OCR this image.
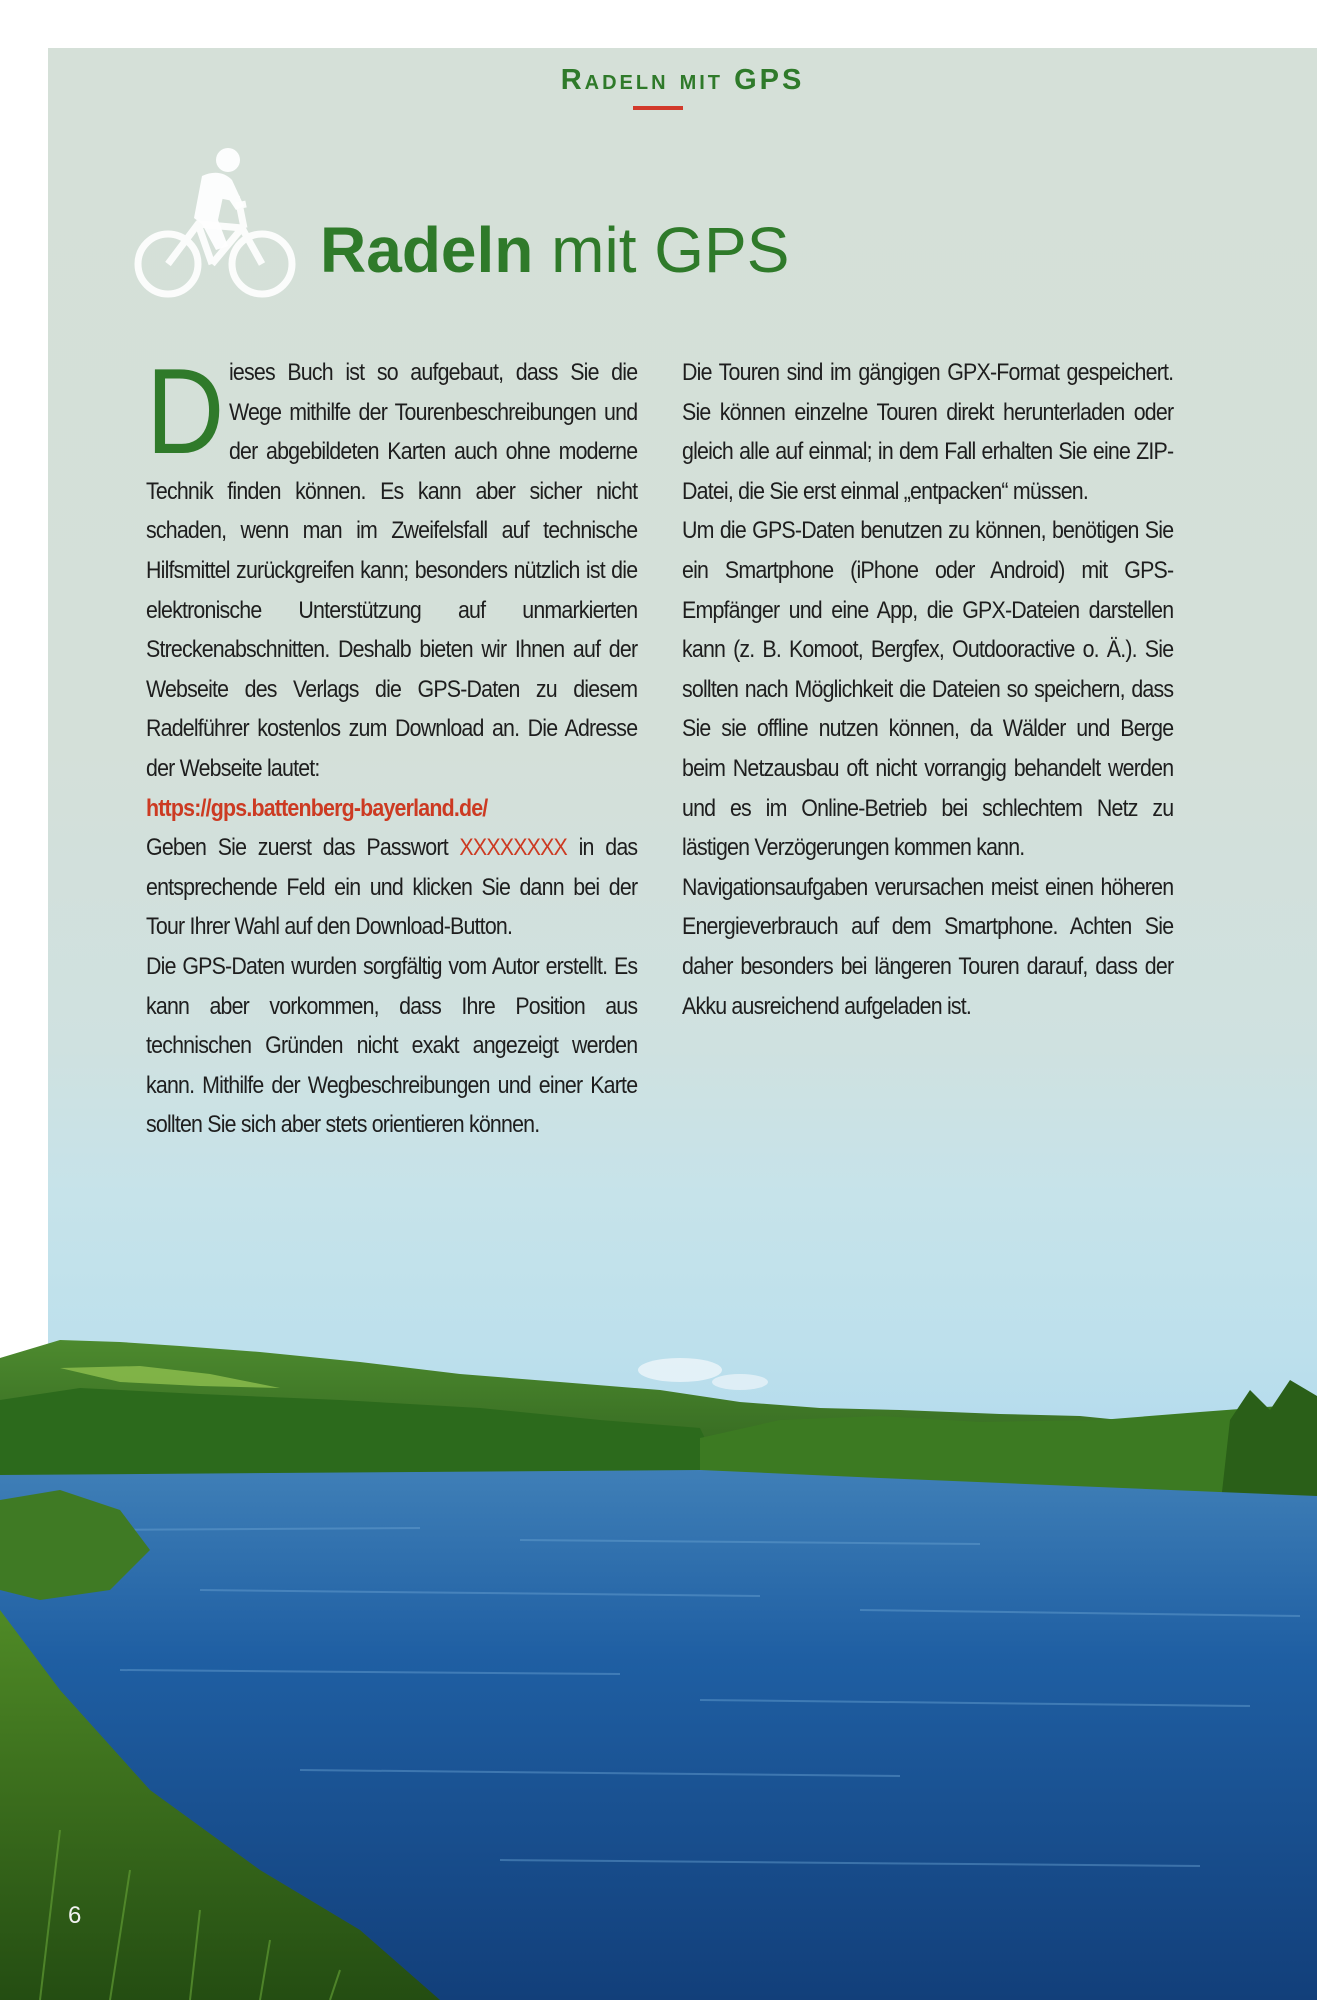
Radeln mit GPS
Radeln mit GPS

Dieses Buch ist so aufgebaut, dass Sie die Wege mithilfe der Tourenbeschreibungen und der abgebildeten Karten auch ohne moderne Technik finden können. Es kann aber sicher nicht schaden, wenn man im Zweifelsfall auf technische Hilfsmittel zurückgreifen kann; besonders nützlich ist die elektronische Unterstützung auf unmarkierten Streckenabschnitten. Deshalb bieten wir Ihnen auf der Webseite des Verlags die GPS-Daten zu diesem Radelführer kostenlos zum Download an. Die Adresse der Webseite lautet:
https://gps.battenberg-bayerland.de/

Geben Sie zuerst das Passwort XXXXXXXX in das entsprechende Feld ein und klicken Sie dann bei der Tour Ihrer Wahl auf den Download-Button.

Die GPS-Daten wurden sorgfältig vom Autor erstellt. Es kann aber vorkommen, dass Ihre Position aus technischen Gründen nicht exakt angezeigt werden kann. Mithilfe der Wegbeschreibungen und einer Karte sollten Sie sich aber stets orientieren können.

Die Touren sind im gängigen GPX-Format gespeichert. Sie können einzelne Touren direkt herunterladen oder gleich alle auf einmal; in dem Fall erhalten Sie eine ZIP-Datei, die Sie erst einmal „entpacken“ müssen.

Um die GPS-Daten benutzen zu können, benötigen Sie ein Smartphone (iPhone oder Android) mit GPS-Empfänger und eine App, die GPX-Dateien darstellen kann (z. B. Komoot, Bergfex, Outdooractive o. Ä.). Sie sollten nach Möglichkeit die Dateien so speichern, dass Sie sie offline nutzen können, da Wälder und Berge beim Netzausbau oft nicht vorrangig behandelt werden und es im Online-Betrieb bei schlechtem Netz zu lästigen Verzögerungen kommen kann.

Navigationsaufgaben verursachen meist einen höheren Energieverbrauch auf dem Smartphone. Achten Sie daher besonders bei längeren Touren darauf, dass der Akku ausreichend aufgeladen ist.

6
